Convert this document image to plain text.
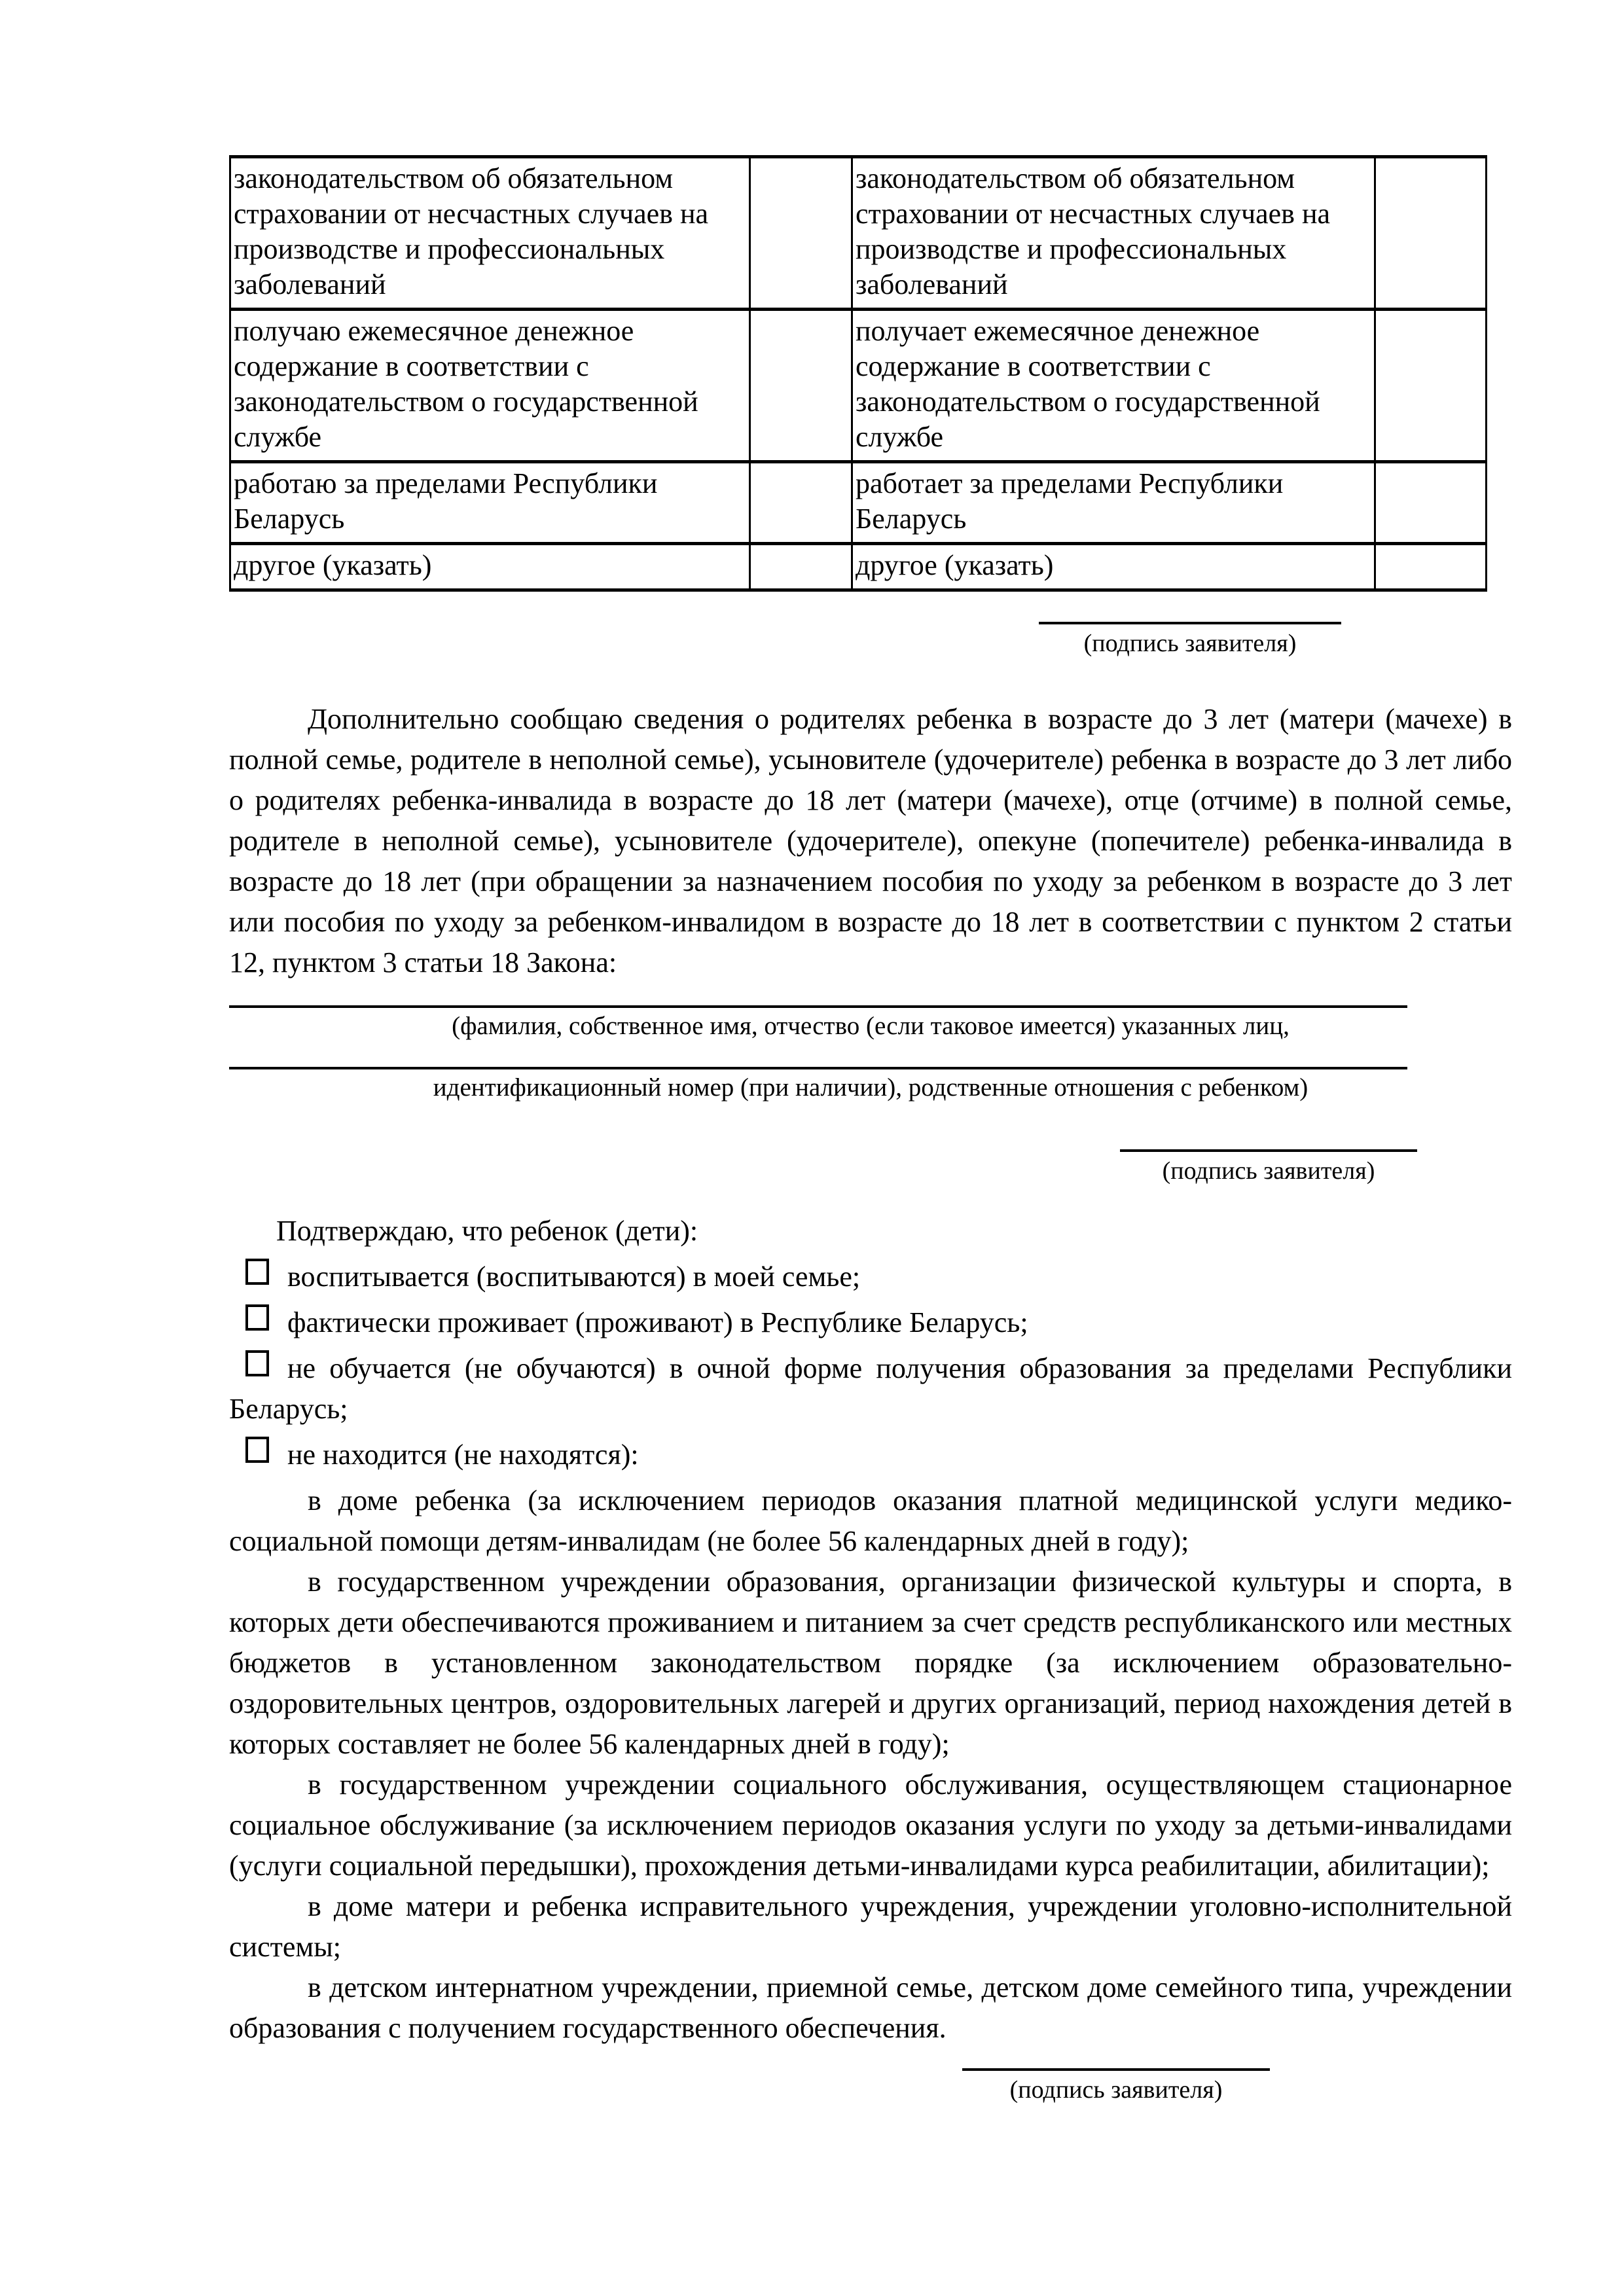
законодательством об обязательном страховании от несчастных случаев на производстве и профессиональных заболеваний		законодательством об обязательном страховании от несчастных случаев на производстве и профессиональных заболеваний	
получаю ежемесячное денежное содержание в соответствии с законодательством о государственной службе		получает ежемесячное денежное содержание в соответствии с законодательством о государственной службе	
работаю за пределами Республики Беларусь		работает за пределами Республики Беларусь	
другое (указать)		другое (указать)	
(подпись заявителя)

Дополнительно сообщаю сведения о родителях ребенка в возрасте до 3 лет (матери (мачехе) в полной семье, родителе в неполной семье), усыновителе (удочерителе) ребенка в возрасте до 3 лет либо о родителях ребенка-инвалида в возрасте до 18 лет (матери (мачехе), отце (отчиме) в полной семье, родителе в неполной семье), усыновителе (удочерителе), опекуне (попечителе) ребенка-инвалида в возрасте до 18 лет (при обращении за назначением пособия по уходу за ребенком в возрасте до 3 лет или пособия по уходу за ребенком-инвалидом в возрасте до 18 лет в соответствии с пунктом 2 статьи 12, пунктом 3 статьи 18 Закона:

(фамилия, собственное имя, отчество (если таковое имеется) указанных лиц,
идентификационный номер (при наличии), родственные отношения с ребенком)
(подпись заявителя)

Подтверждаю, что ребенок (дети):

воспитывается (воспитываются) в моей семье;
фактически проживает (проживают) в Республике Беларусь;
не обучается (не обучаются) в очной форме получения образования за пределами Республики Беларусь;
не находится (не находятся):

в доме ребенка (за исключением периодов оказания платной медицинской услуги медико-социальной помощи детям-инвалидам (не более 56 календарных дней в году);

в государственном учреждении образования, организации физической культуры и спорта, в которых дети обеспечиваются проживанием и питанием за счет средств республиканского или местных бюджетов в установленном законодательством порядке (за исключением образовательно-оздоровительных центров, оздоровительных лагерей и других организаций, период нахождения детей в которых составляет не более 56 календарных дней в году);

в государственном учреждении социального обслуживания, осуществляющем стационарное социальное обслуживание (за исключением периодов оказания услуги по уходу за детьми-инвалидами (услуги социальной передышки), прохождения детьми-инвалидами курса реабилитации, абилитации);

в доме матери и ребенка исправительного учреждения, учреждении уголовно-исполнительной системы;

в детском интернатном учреждении, приемной семье, детском доме семейного типа, учреждении образования с получением государственного обеспечения.

(подпись заявителя)
